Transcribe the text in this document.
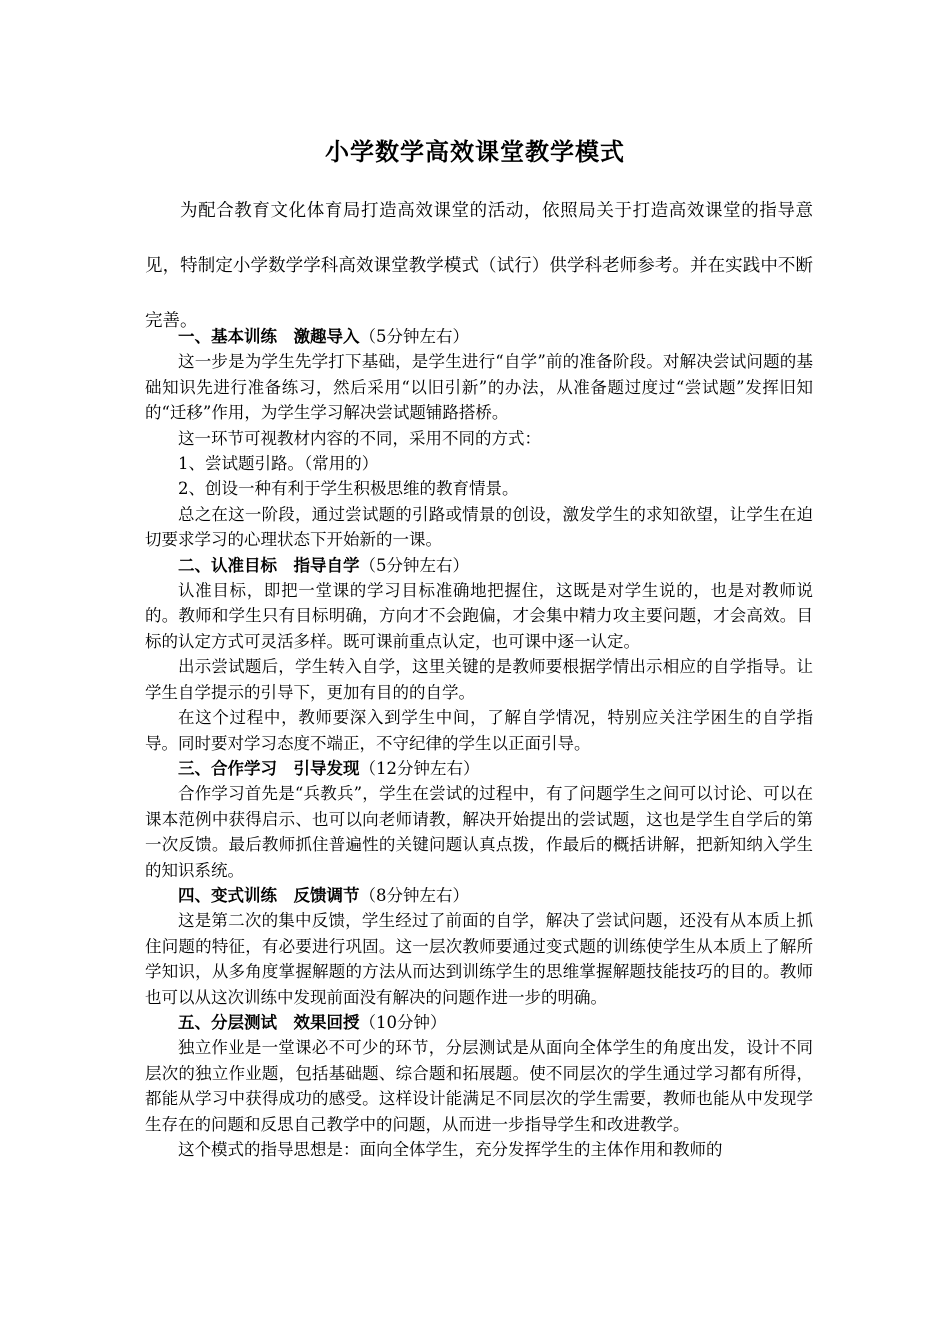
小学数学高效课堂教学模式
为配合教育文化体育局打造高效课堂的活动，依照局关于打造高效课堂的指导意见，特制定小学数学学科高效课堂教学模式（试行）供学科老师参考。并在实践中不断完善。

一、基本训练　激趣导入（5分钟左右）

这一步是为学生先学打下基础，是学生进行“自学”前的准备阶段。对解决尝试问题的基础知识先进行准备练习，然后采用“以旧引新”的办法，从准备题过度过“尝试题”发挥旧知的“迁移”作用，为学生学习解决尝试题铺路搭桥。

这一环节可视教材内容的不同，采用不同的方式：

1、尝试题引路。（常用的）

2、创设一种有利于学生积极思维的教育情景。

总之在这一阶段，通过尝试题的引路或情景的创设，激发学生的求知欲望，让学生在迫切要求学习的心理状态下开始新的一课。

二、认准目标　指导自学（5分钟左右）

认准目标，即把一堂课的学习目标准确地把握住，这既是对学生说的，也是对教师说的。教师和学生只有目标明确，方向才不会跑偏，才会集中精力攻主要问题，才会高效。目标的认定方式可灵活多样。既可课前重点认定，也可课中逐一认定。

出示尝试题后，学生转入自学，这里关键的是教师要根据学情出示相应的自学指导。让学生自学提示的引导下，更加有目的的自学。

在这个过程中，教师要深入到学生中间，了解自学情况，特别应关注学困生的自学指导。同时要对学习态度不端正，不守纪律的学生以正面引导。

三、合作学习　引导发现（12分钟左右）

合作学习首先是“兵教兵”，学生在尝试的过程中，有了问题学生之间可以讨论、可以在课本范例中获得启示、也可以向老师请教，解决开始提出的尝试题，这也是学生自学后的第一次反馈。最后教师抓住普遍性的关键问题认真点拨，作最后的概括讲解，把新知纳入学生的知识系统。

四、变式训练　反馈调节（8分钟左右）

这是第二次的集中反馈，学生经过了前面的自学，解决了尝试问题，还没有从本质上抓住问题的特征，有必要进行巩固。这一层次教师要通过变式题的训练使学生从本质上了解所学知识，从多角度掌握解题的方法从而达到训练学生的思维掌握解题技能技巧的目的。教师也可以从这次训练中发现前面没有解决的问题作进一步的明确。

五、分层测试　效果回授（10分钟）

独立作业是一堂课必不可少的环节，分层测试是从面向全体学生的角度出发，设计不同层次的独立作业题，包括基础题、综合题和拓展题。使不同层次的学生通过学习都有所得，都能从学习中获得成功的感受。这样设计能满足不同层次的学生需要，教师也能从中发现学生存在的问题和反思自己教学中的问题，从而进一步指导学生和改进教学。

这个模式的指导思想是：面向全体学生，充分发挥学生的主体作用和教师的
